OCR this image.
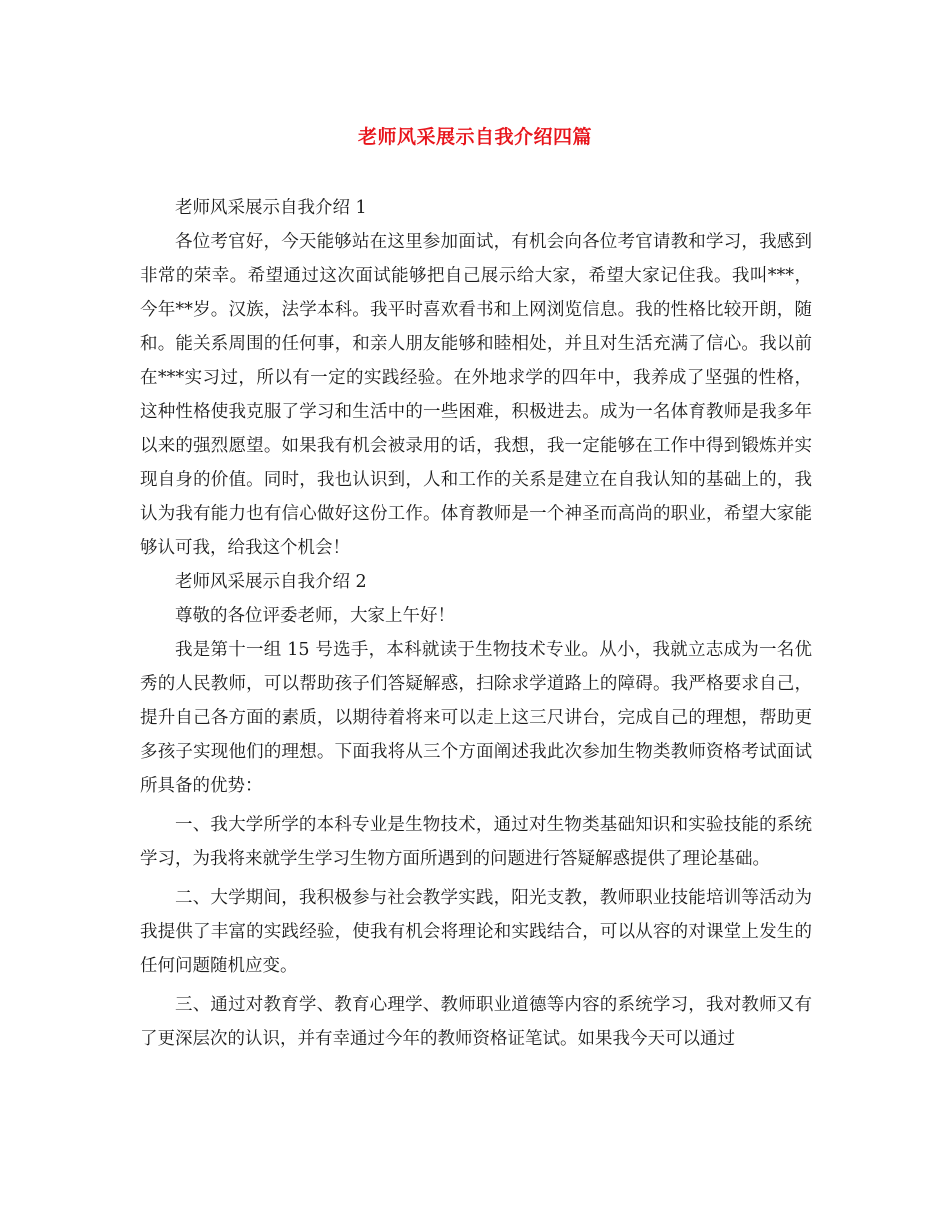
老师风采展示自我介绍四篇

老师风采展示自我介绍 1

各位考官好，今天能够站在这里参加面试，有机会向各位考官请教和学习，我感到非常的荣幸。希望通过这次面试能够把自己展示给大家，希望大家记住我。我叫***，今年**岁。汉族，法学本科。我平时喜欢看书和上网浏览信息。我的性格比较开朗，随和。能关系周围的任何事，和亲人朋友能够和睦相处，并且对生活充满了信心。我以前在***实习过，所以有一定的实践经验。在外地求学的四年中，我养成了坚强的性格，这种性格使我克服了学习和生活中的一些困难，积极进去。成为一名体育教师是我多年以来的强烈愿望。如果我有机会被录用的话，我想，我一定能够在工作中得到锻炼并实现自身的价值。同时，我也认识到，人和工作的关系是建立在自我认知的基础上的，我认为我有能力也有信心做好这份工作。体育教师是一个神圣而高尚的职业，希望大家能够认可我，给我这个机会！

老师风采展示自我介绍 2

尊敬的各位评委老师，大家上午好！

我是第十一组 15 号选手，本科就读于生物技术专业。从小，我就立志成为一名优秀的人民教师，可以帮助孩子们答疑解惑，扫除求学道路上的障碍。我严格要求自己，提升自己各方面的素质，以期待着将来可以走上这三尺讲台，完成自己的理想，帮助更多孩子实现他们的理想。下面我将从三个方面阐述我此次参加生物类教师资格考试面试所具备的优势：

一、我大学所学的本科专业是生物技术，通过对生物类基础知识和实验技能的系统学习，为我将来就学生学习生物方面所遇到的问题进行答疑解惑提供了理论基础。

二、大学期间，我积极参与社会教学实践，阳光支教，教师职业技能培训等活动为我提供了丰富的实践经验，使我有机会将理论和实践结合，可以从容的对课堂上发生的任何问题随机应变。

三、通过对教育学、教育心理学、教师职业道德等内容的系统学习，我对教师又有了更深层次的认识，并有幸通过今年的教师资格证笔试。如果我今天可以通过
